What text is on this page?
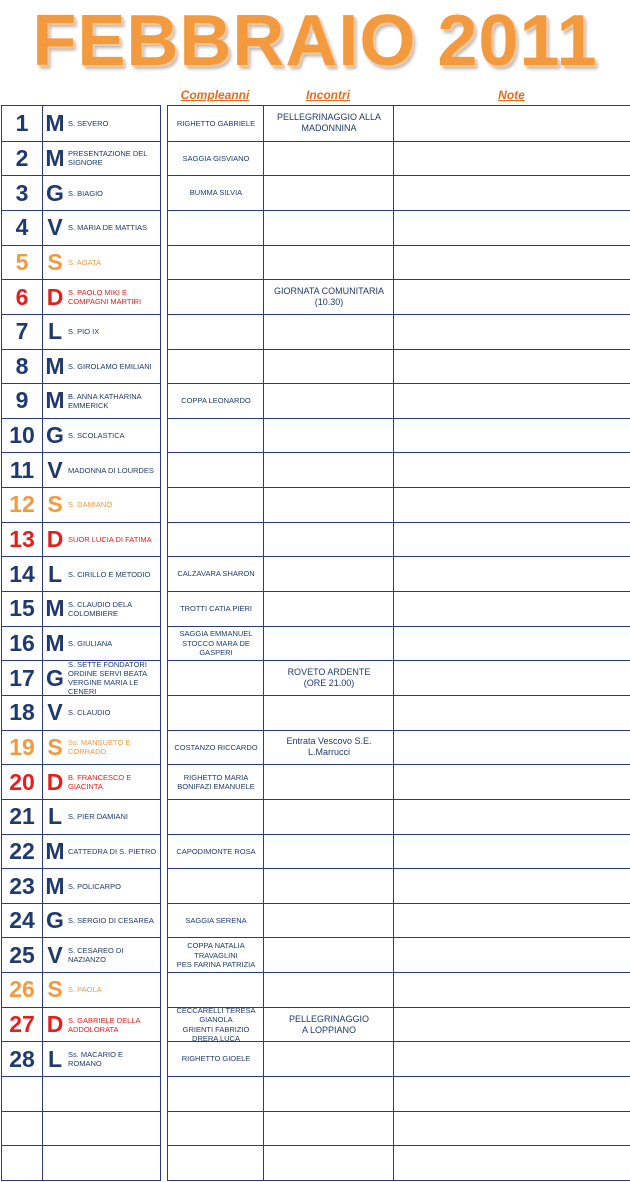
FEBBRAIO 2011
Compleanni	Incontri	Note
1 M S. SEVERO
2 M PRESENTAZIONE DEL SIGNORE
3 G S. BIAGIO
4 V S. MARIA DE MATTIAS
5 S S. AGATA
6 D S. PAOLO MIKI E COMPAGNI MARTIRI
7 L S. PIO IX
8 M S. GIROLAMO EMILIANI
9 M B. ANNA KATHARINA EMMERICK
10 G S. SCOLASTICA
11 V MADONNA DI LOURDES
12 S S. DAMIANO
13 D SUOR LUCIA DI FATIMA
14 L S. CIRILLO E METODIO
15 M S. CLAUDIO DELA COLOMBIERE
16 M S. GIULIANA
17 G S. SETTE FONDATORI ORDINE SERVI BEATA VERGINE MARIA LE CENERI
18 V S. CLAUDIO
19 S Ss. MANSUETO E CORRADO
20 D B. FRANCESCO E GIACINTA
21 L S. PIER DAMIANI
22 M CATTEDRA DI S. PIETRO
23 M S. POLICARPO
24 G S. SERGIO DI CESAREA
25 V S. CESAREO DI NAZIANZO
26 S S. PAOLA
27 D S. GABRIELE DELLA ADDOLORATA
28 L Ss. MACARIO E ROMANO
RIGHETTO GABRIELE
PELLEGRINAGGIO ALLA
MADONNINA
SAGGIA GISVIANO
BUMMA SILVIA
GIORNATA COMUNITARIA
(10.30)
COPPA LEONARDO
CALZAVARA SHARON
TROTTI CATIA PIERI
SAGGIA EMMANUEL
STOCCO MARA DE
GASPERI
ROVETO ARDENTE
(ORE 21.00)
COSTANZO RICCARDO
Entrata Vescovo S.E.
L.Marrucci
RIGHETTO MARIA
BONIFAZI EMANUELE
CAPODIMONTE ROSA
SAGGIA SERENA
COPPA NATALIA
TRAVAGLINI
PES FARINA PATRIZIA
CECCARELLI TERESA
GIANOLA
GRIENTI FABRIZIO
DRERA LUCA
PELLEGRINAGGIO
A LOPPIANO
RIGHETTO GIOELE
